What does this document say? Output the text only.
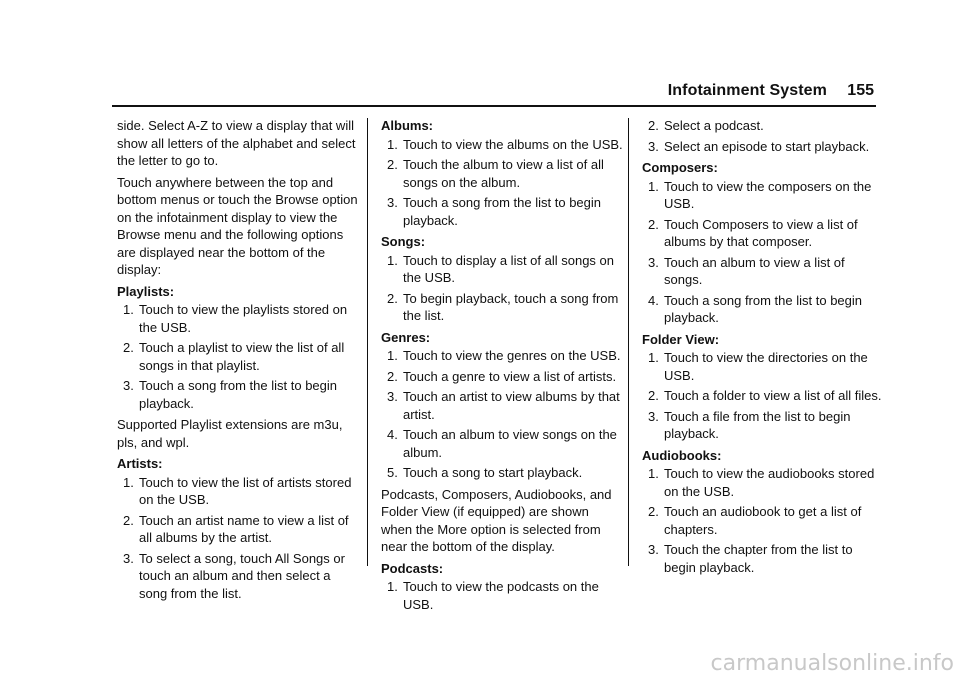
Infotainment System 155
side. Select A-Z to view a display that will show all letters of the alphabet and select the letter to go to.
Touch anywhere between the top and bottom menus or touch the Browse option on the infotainment display to view the Browse menu and the following options are displayed near the bottom of the display:
Playlists:
1. Touch to view the playlists stored on the USB.
2. Touch a playlist to view the list of all songs in that playlist.
3. Touch a song from the list to begin playback.
Supported Playlist extensions are m3u, pls, and wpl.
Artists:
1. Touch to view the list of artists stored on the USB.
2. Touch an artist name to view a list of all albums by the artist.
3. To select a song, touch All Songs or touch an album and then select a song from the list.
Albums:
1. Touch to view the albums on the USB.
2. Touch the album to view a list of all songs on the album.
3. Touch a song from the list to begin playback.
Songs:
1. Touch to display a list of all songs on the USB.
2. To begin playback, touch a song from the list.
Genres:
1. Touch to view the genres on the USB.
2. Touch a genre to view a list of artists.
3. Touch an artist to view albums by that artist.
4. Touch an album to view songs on the album.
5. Touch a song to start playback.
Podcasts, Composers, Audiobooks, and Folder View (if equipped) are shown when the More option is selected from near the bottom of the display.
Podcasts:
1. Touch to view the podcasts on the USB.
2. Select a podcast.
3. Select an episode to start playback.
Composers:
1. Touch to view the composers on the USB.
2. Touch Composers to view a list of albums by that composer.
3. Touch an album to view a list of songs.
4. Touch a song from the list to begin playback.
Folder View:
1. Touch to view the directories on the USB.
2. Touch a folder to view a list of all files.
3. Touch a file from the list to begin playback.
Audiobooks:
1. Touch to view the audiobooks stored on the USB.
2. Touch an audiobook to get a list of chapters.
3. Touch the chapter from the list to begin playback.
carmanualsonline.info
